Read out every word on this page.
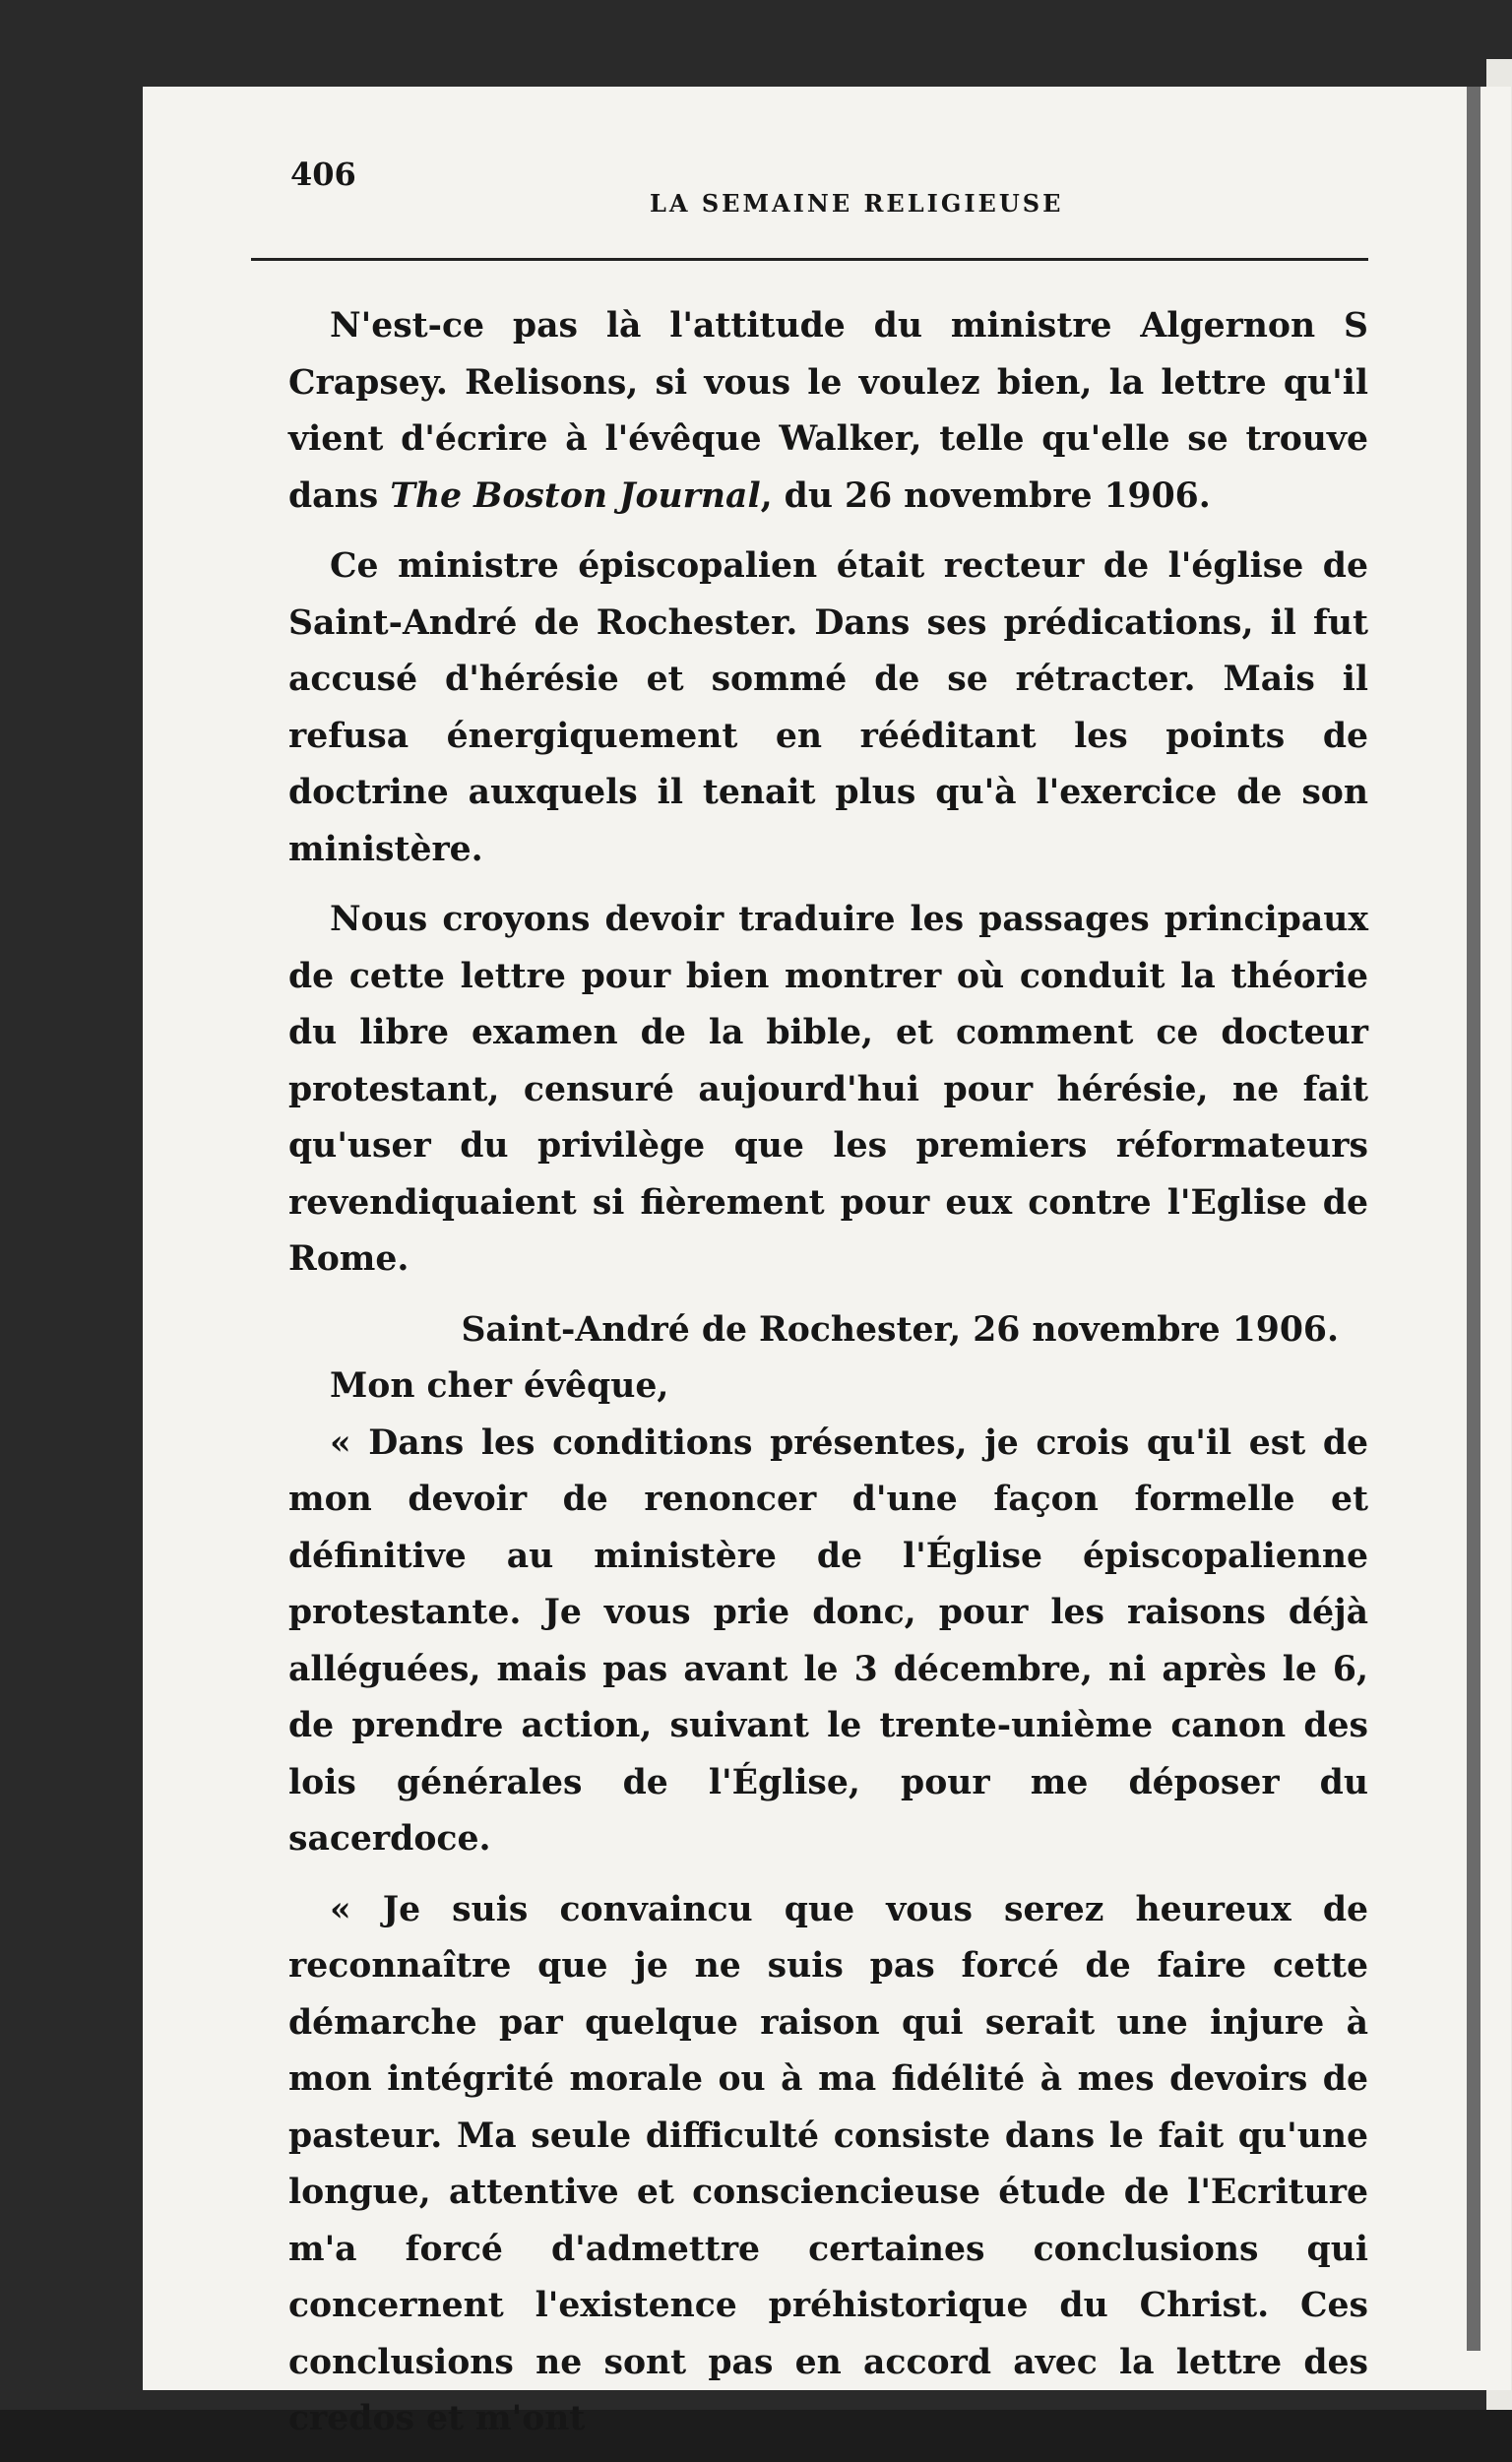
406
LA SEMAINE RELIGIEUSE

N'est-ce pas là l'attitude du ministre Algernon S Crapsey. Relisons, si vous le voulez bien, la lettre qu'il vient d'écrire à l'évêque Walker, telle qu'elle se trouve dans The Boston Journal, du 26 novembre 1906.

Ce ministre épiscopalien était recteur de l'église de Saint-André de Rochester. Dans ses prédications, il fut accusé d'hérésie et sommé de se rétracter. Mais il refusa énergiquement en rééditant les points de doctrine auxquels il tenait plus qu'à l'exercice de son ministère.

Nous croyons devoir traduire les passages principaux de cette lettre pour bien montrer où conduit la théorie du libre examen de la bible, et comment ce docteur protestant, censuré aujourd'hui pour hérésie, ne fait qu'user du privilège que les premiers réformateurs revendiquaient si fièrement pour eux contre l'Eglise de Rome.

Saint-André de Rochester, 26 novembre 1906.
Mon cher évêque,

« Dans les conditions présentes, je crois qu'il est de mon devoir de renoncer d'une façon formelle et définitive au ministère de l'Église épiscopalienne protestante. Je vous prie donc, pour les raisons déjà alléguées, mais pas avant le 3 décembre, ni après le 6, de prendre action, suivant le trente-unième canon des lois générales de l'Église, pour me déposer du sacerdoce.

« Je suis convaincu que vous serez heureux de reconnaître que je ne suis pas forcé de faire cette démarche par quelque raison qui serait une injure à mon intégrité morale ou à ma fidélité à mes devoirs de pasteur. Ma seule difficulté consiste dans le fait qu'une longue, attentive et consciencieuse étude de l'Ecriture m'a forcé d'admettre certaines conclusions qui concernent l'existence préhistorique du Christ. Ces conclusions ne sont pas en accord avec la lettre des credos et m'ont
